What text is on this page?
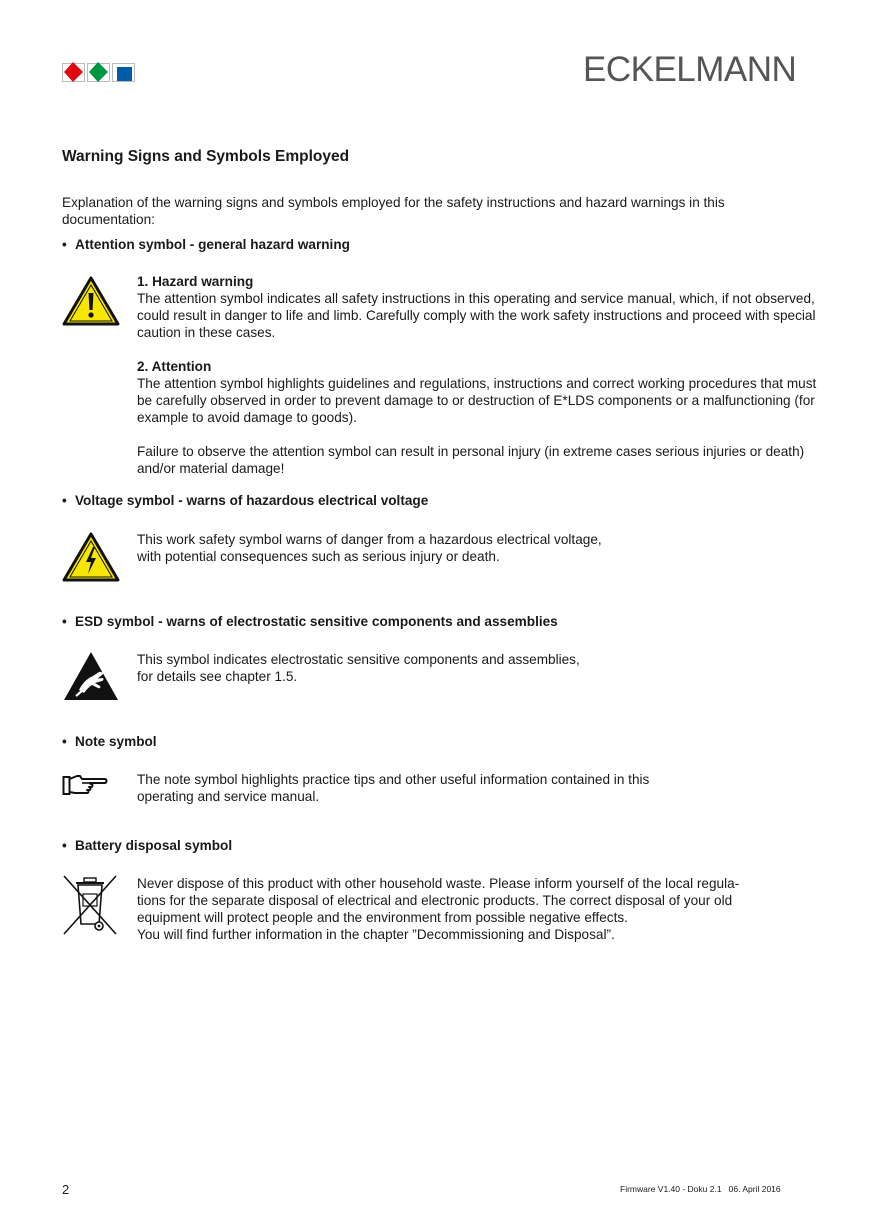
ECKELMANN
Warning Signs and Symbols Employed
Explanation of the warning signs and symbols employed for the safety instructions and hazard warnings in this documentation:
• Attention symbol - general hazard warning

1. Hazard warning

The attention symbol indicates all safety instructions in this operating and service manual, which, if not observed, could result in danger to life and limb. Carefully comply with the work safety instructions and proceed with special caution in these cases.

2. Attention

The attention symbol highlights guidelines and regulations, instructions and correct working procedures that must be carefully observed in order to prevent damage to or destruction of E*LDS components or a malfunctioning (for example to avoid damage to goods).

Failure to observe the attention symbol can result in personal injury (in extreme cases serious injuries or death) and/or material damage!

• Voltage symbol - warns of hazardous electrical voltage

This work safety symbol warns of danger from a hazardous electrical voltage,

with potential consequences such as serious injury or death.

• ESD symbol - warns of electrostatic sensitive components and assemblies

This symbol indicates electrostatic sensitive components and assemblies,

for details see chapter 1.5.

• Note symbol

The note symbol highlights practice tips and other useful information contained in this

operating and service manual.

• Battery disposal symbol

Never dispose of this product with other household waste. Please inform yourself of the local regula-

tions for the separate disposal of electrical and electronic products. The correct disposal of your old

equipment will protect people and the environment from possible negative effects.

You will find further information in the chapter ”Decommissioning and Disposal”.

2	Firmware V1.40 - Doku 2.1   06. April 2016
